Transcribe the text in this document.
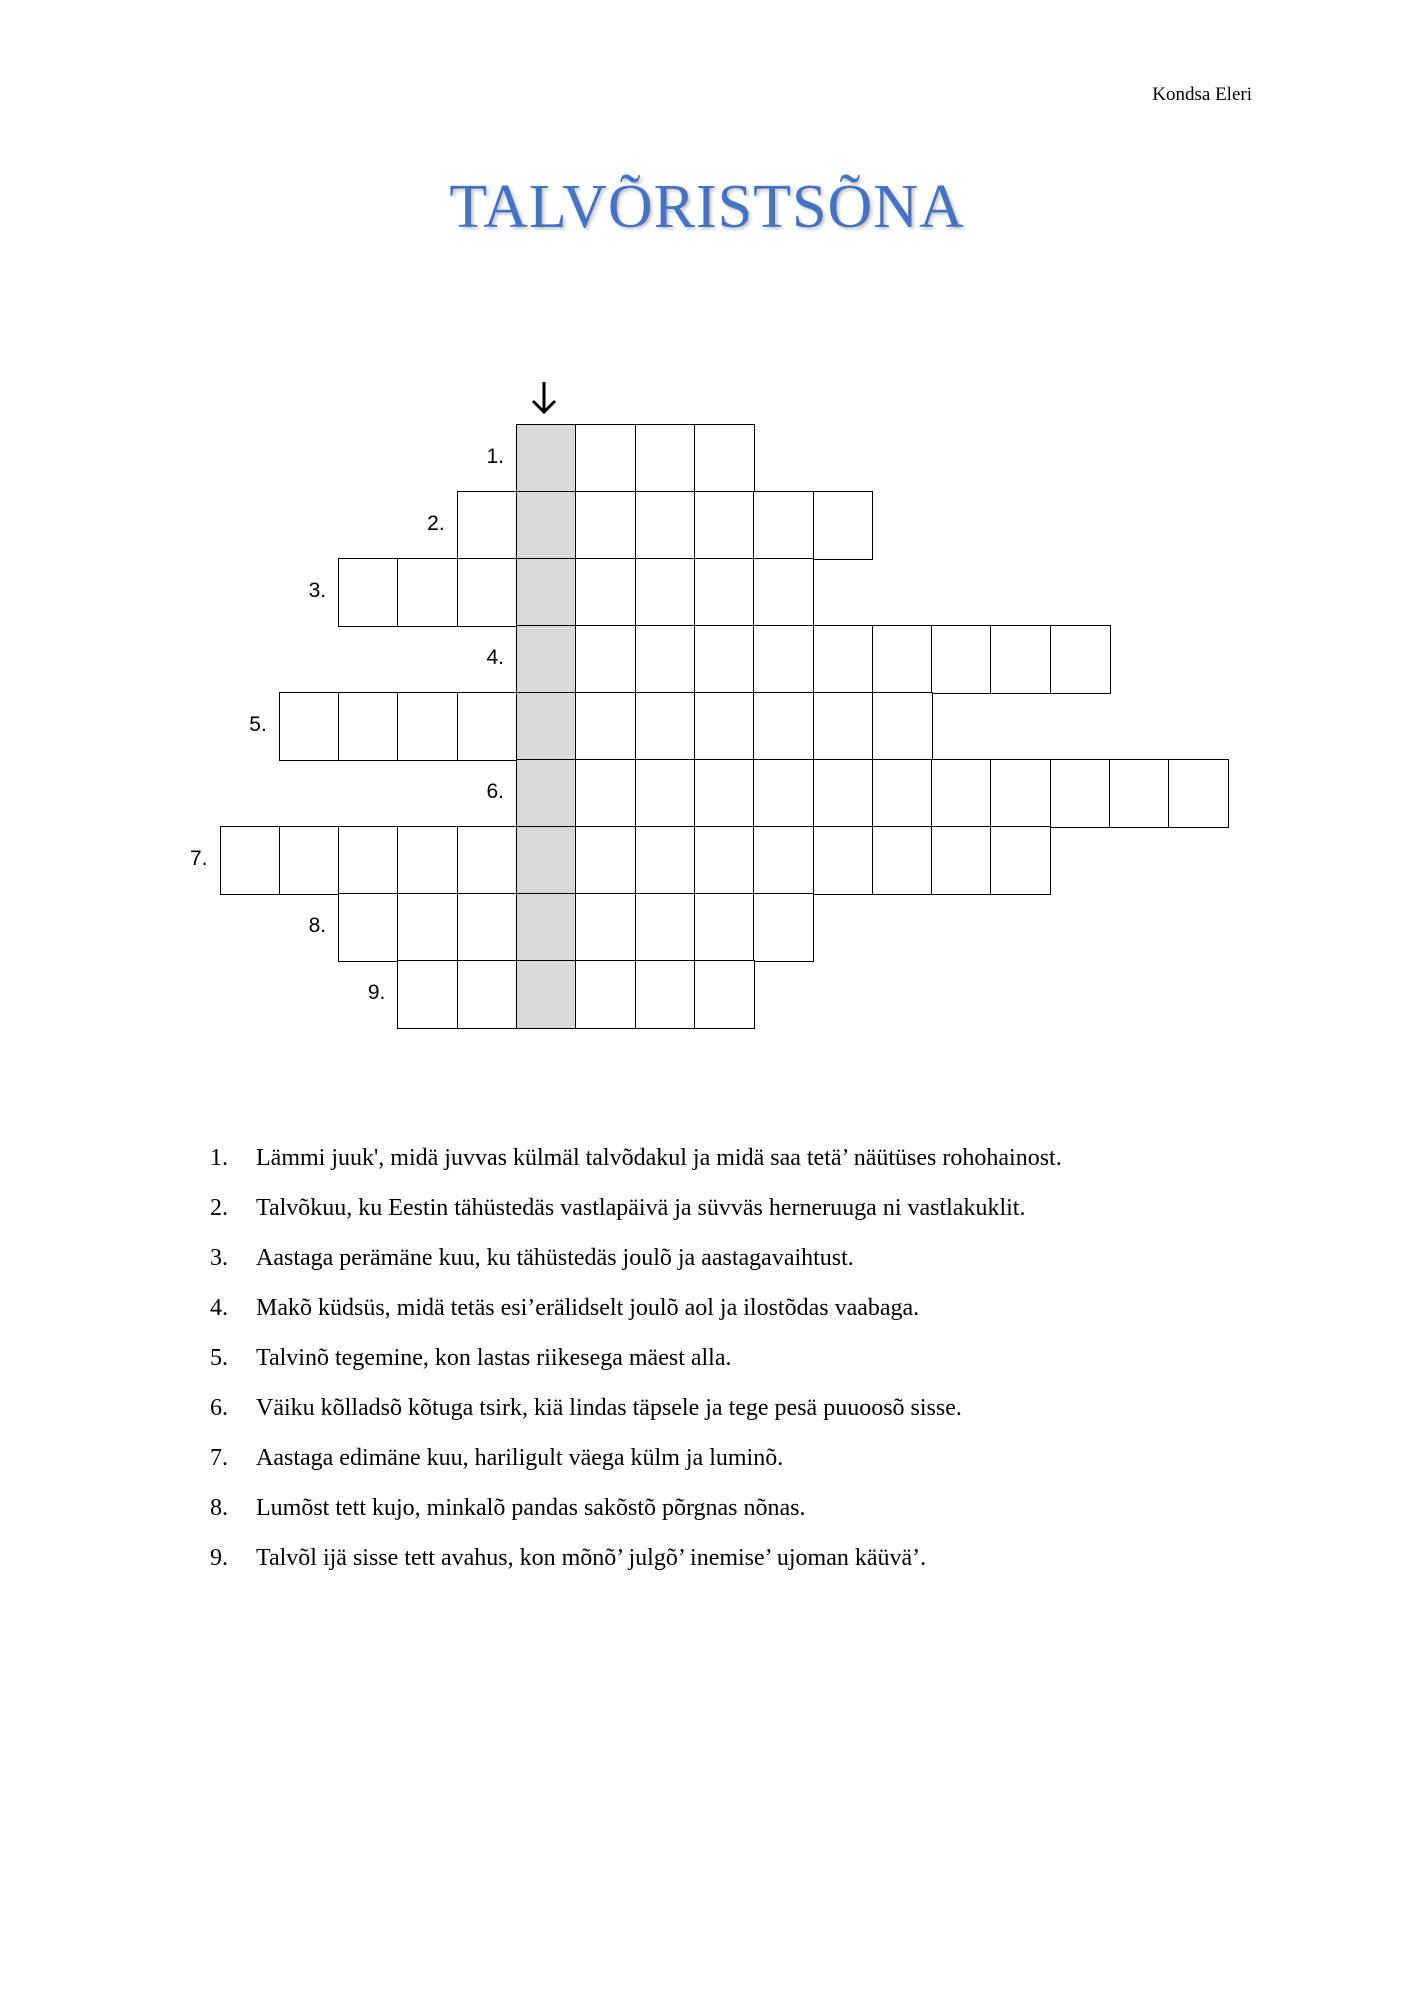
Kondsa Eleri
TALVÕRISTSÕNA
1.
2.
3.
4.
5.
6.
7.
8.
9.
1. Lämmi juuk', midä juvvas külmäl talvõdakul ja midä saa tetä’ näütüses rohohainost.
2. Talvõkuu, ku Eestin tähüstedäs vastlapäivä ja süvväs herneruuga ni vastlakuklit.
3. Aastaga perämäne kuu, ku tähüstedäs joulõ ja aastagavaihtust.
4. Makõ küdsüs, midä tetäs esi’erälidselt joulõ aol ja ilostõdas vaabaga.
5. Talvinõ tegemine, kon lastas riikesega mäest alla.
6. Väiku kõlladsõ kõtuga tsirk, kiä lindas täpsele ja tege pesä puuoosõ sisse.
7. Aastaga edimäne kuu, hariligult väega külm ja luminõ.
8. Lumõst tett kujo, minkalõ pandas sakõstõ põrgnas nõnas.
9. Talvõl ijä sisse tett avahus, kon mõnõ’ julgõ’ inemise’ ujoman käüvä’.
